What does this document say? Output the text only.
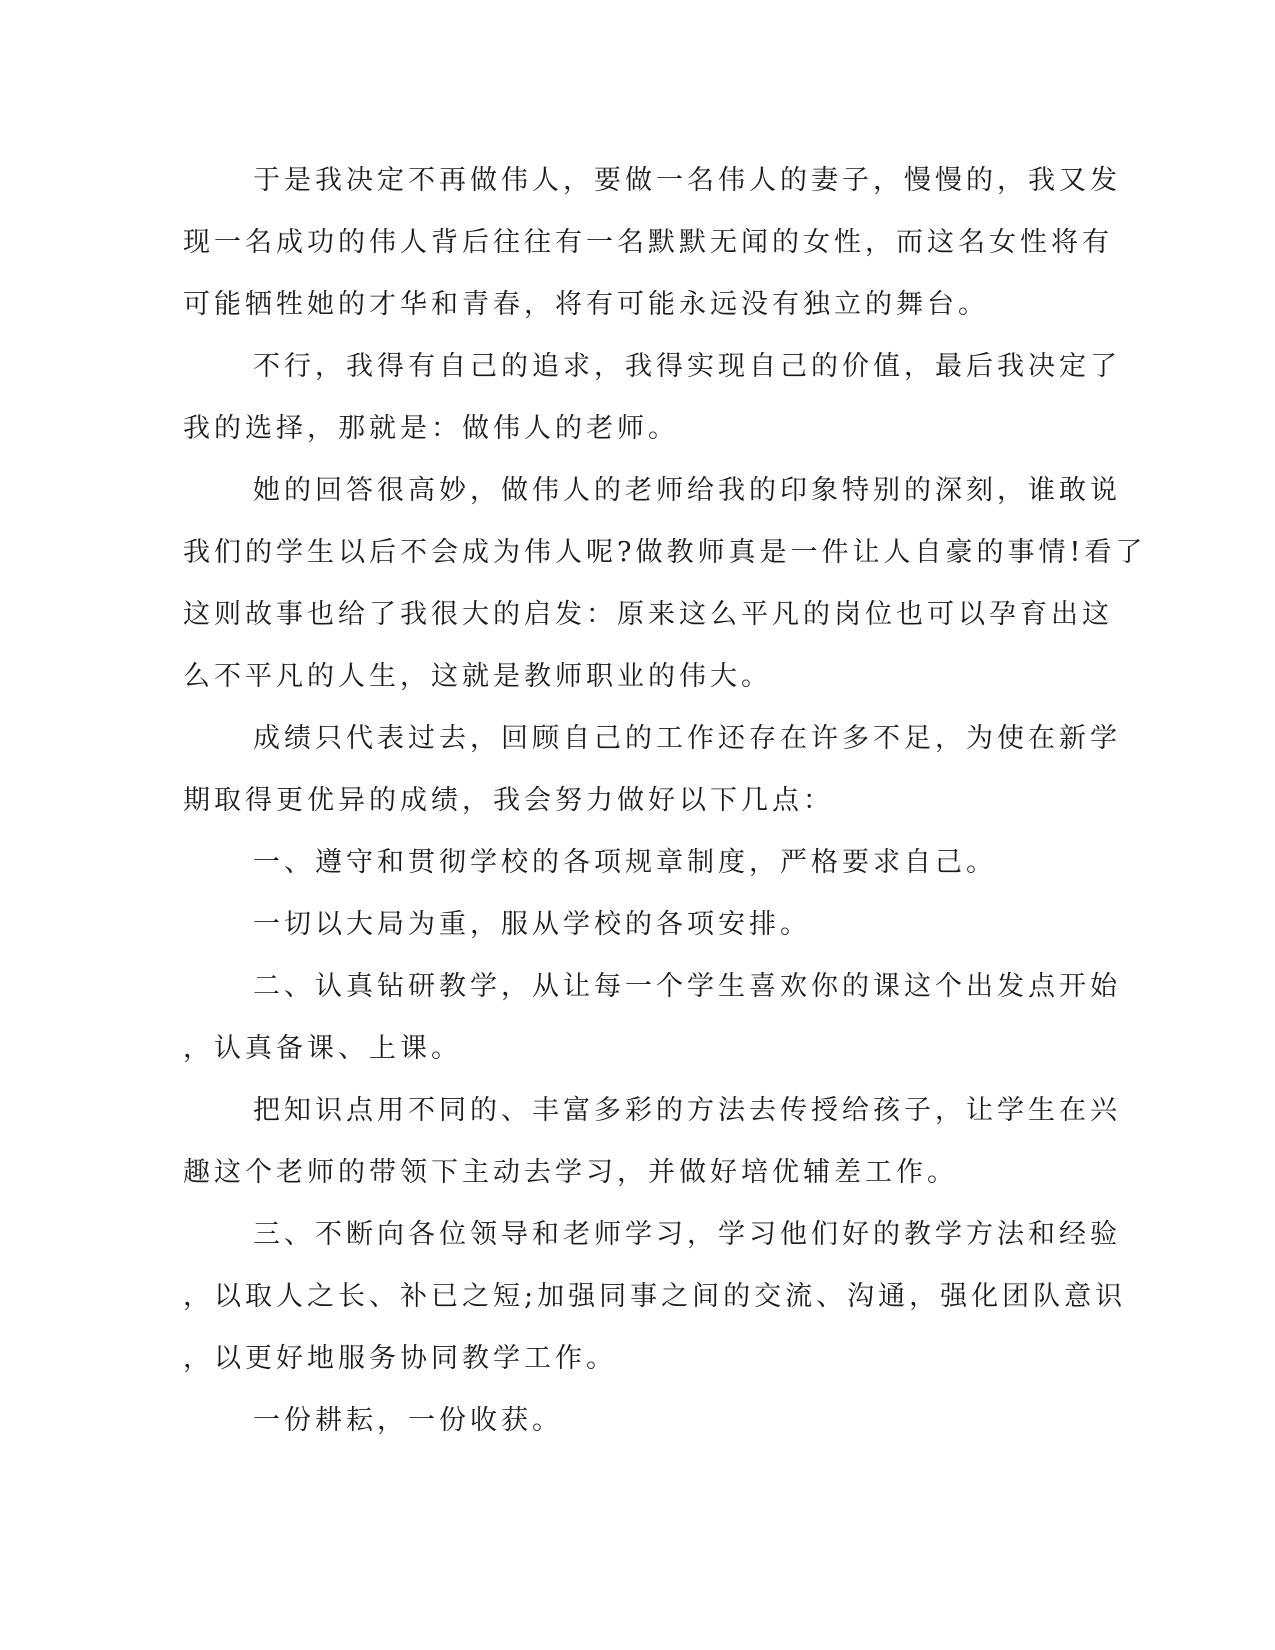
于是我决定不再做伟人，要做一名伟人的妻子，慢慢的，我又发
现一名成功的伟人背后往往有一名默默无闻的女性，而这名女性将有
可能牺牲她的才华和青春，将有可能永远没有独立的舞台。
不行，我得有自己的追求，我得实现自己的价值，最后我决定了
我的选择，那就是：做伟人的老师。
她的回答很高妙，做伟人的老师给我的印象特别的深刻，谁敢说
我们的学生以后不会成为伟人呢?做教师真是一件让人自豪的事情!看了
这则故事也给了我很大的启发：原来这么平凡的岗位也可以孕育出这
么不平凡的人生，这就是教师职业的伟大。
成绩只代表过去，回顾自己的工作还存在许多不足，为使在新学
期取得更优异的成绩，我会努力做好以下几点：
一、遵守和贯彻学校的各项规章制度，严格要求自己。
一切以大局为重，服从学校的各项安排。
二、认真钻研教学，从让每一个学生喜欢你的课这个出发点开始
，认真备课、上课。
把知识点用不同的、丰富多彩的方法去传授给孩子，让学生在兴
趣这个老师的带领下主动去学习，并做好培优辅差工作。
三、不断向各位领导和老师学习，学习他们好的教学方法和经验
，以取人之长、补已之短;加强同事之间的交流、沟通，强化团队意识
，以更好地服务协同教学工作。
一份耕耘，一份收获。
